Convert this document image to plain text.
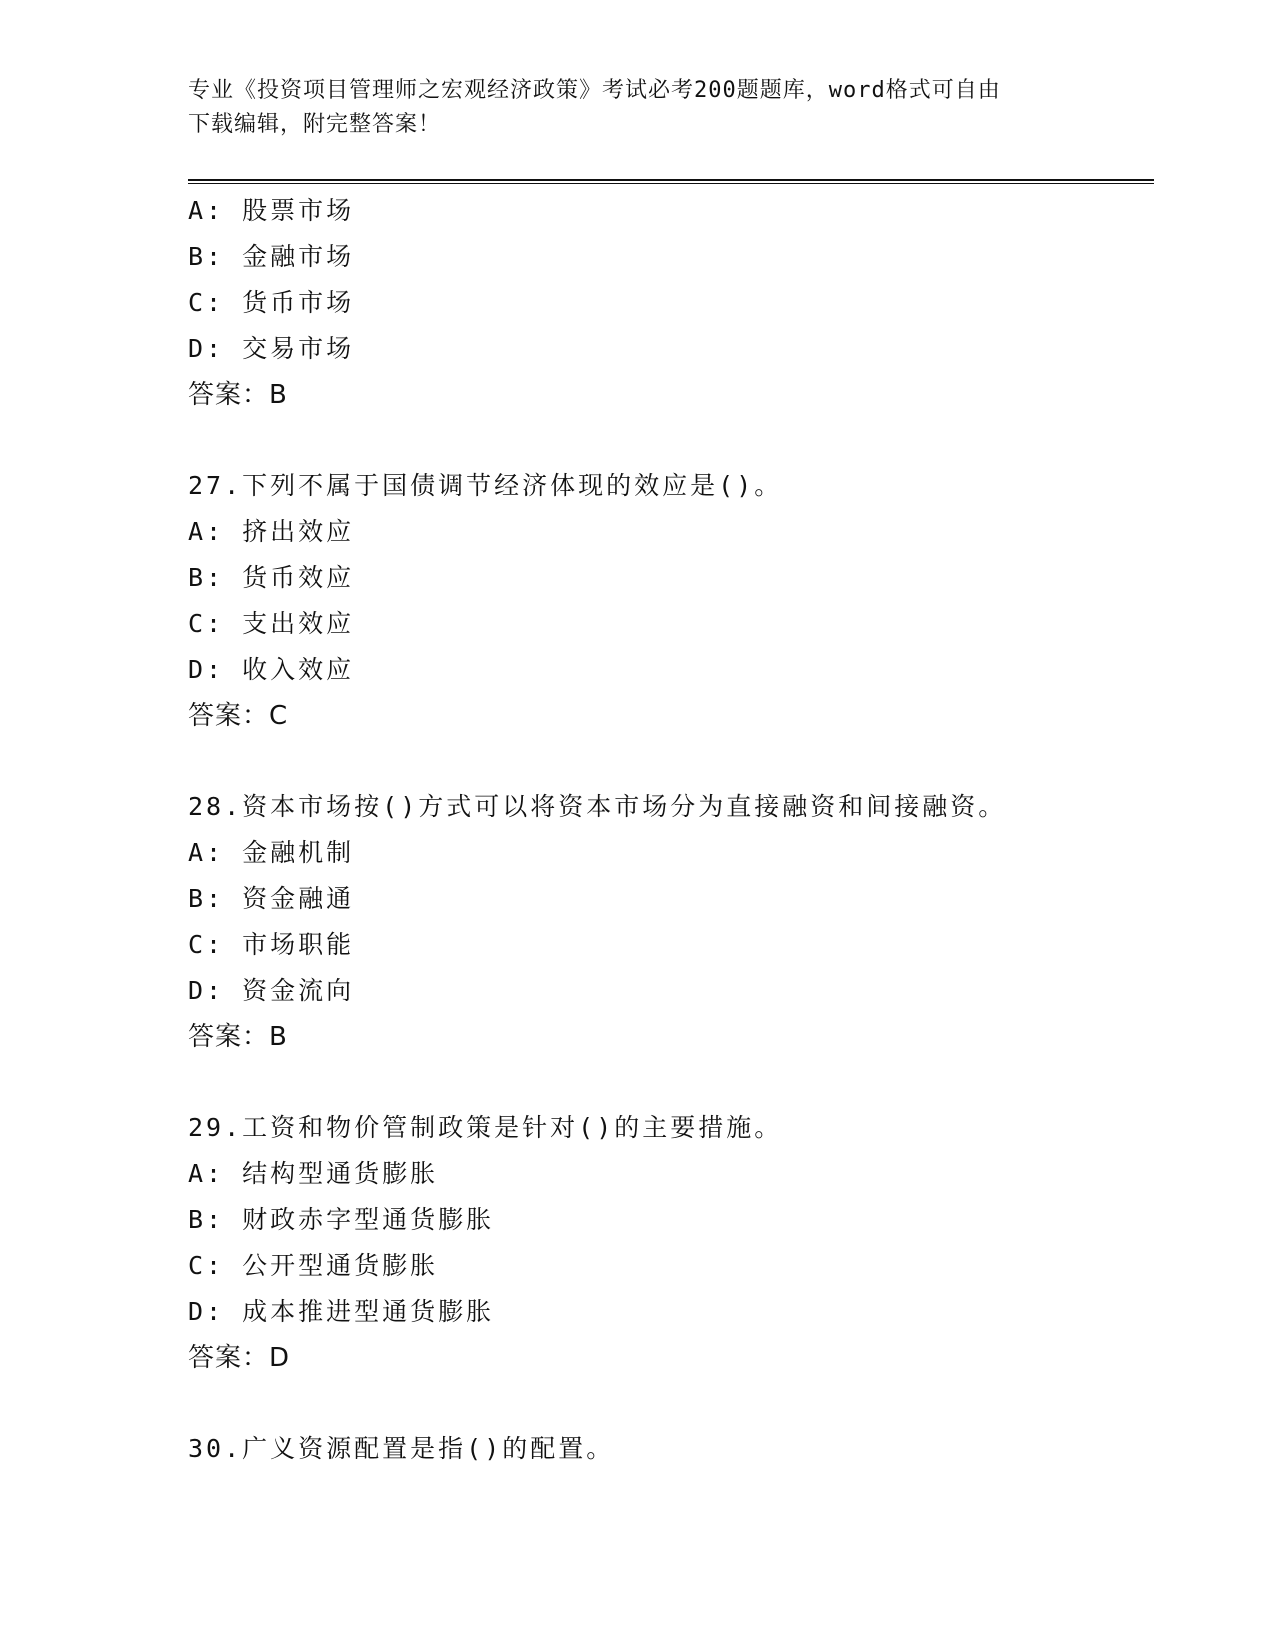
专业《投资项目管理师之宏观经济政策》考试必考200题题库，word格式可自由
下载编辑，附完整答案！
A: 股票市场
B: 金融市场
C: 货币市场
D: 交易市场
答案：B
27.下列不属于国债调节经济体现的效应是()。
A: 挤出效应
B: 货币效应
C: 支出效应
D: 收入效应
答案：C
28.资本市场按()方式可以将资本市场分为直接融资和间接融资。
A: 金融机制
B: 资金融通
C: 市场职能
D: 资金流向
答案：B
29.工资和物价管制政策是针对()的主要措施。
A: 结构型通货膨胀
B: 财政赤字型通货膨胀
C: 公开型通货膨胀
D: 成本推进型通货膨胀
答案：D
30.广义资源配置是指()的配置。
